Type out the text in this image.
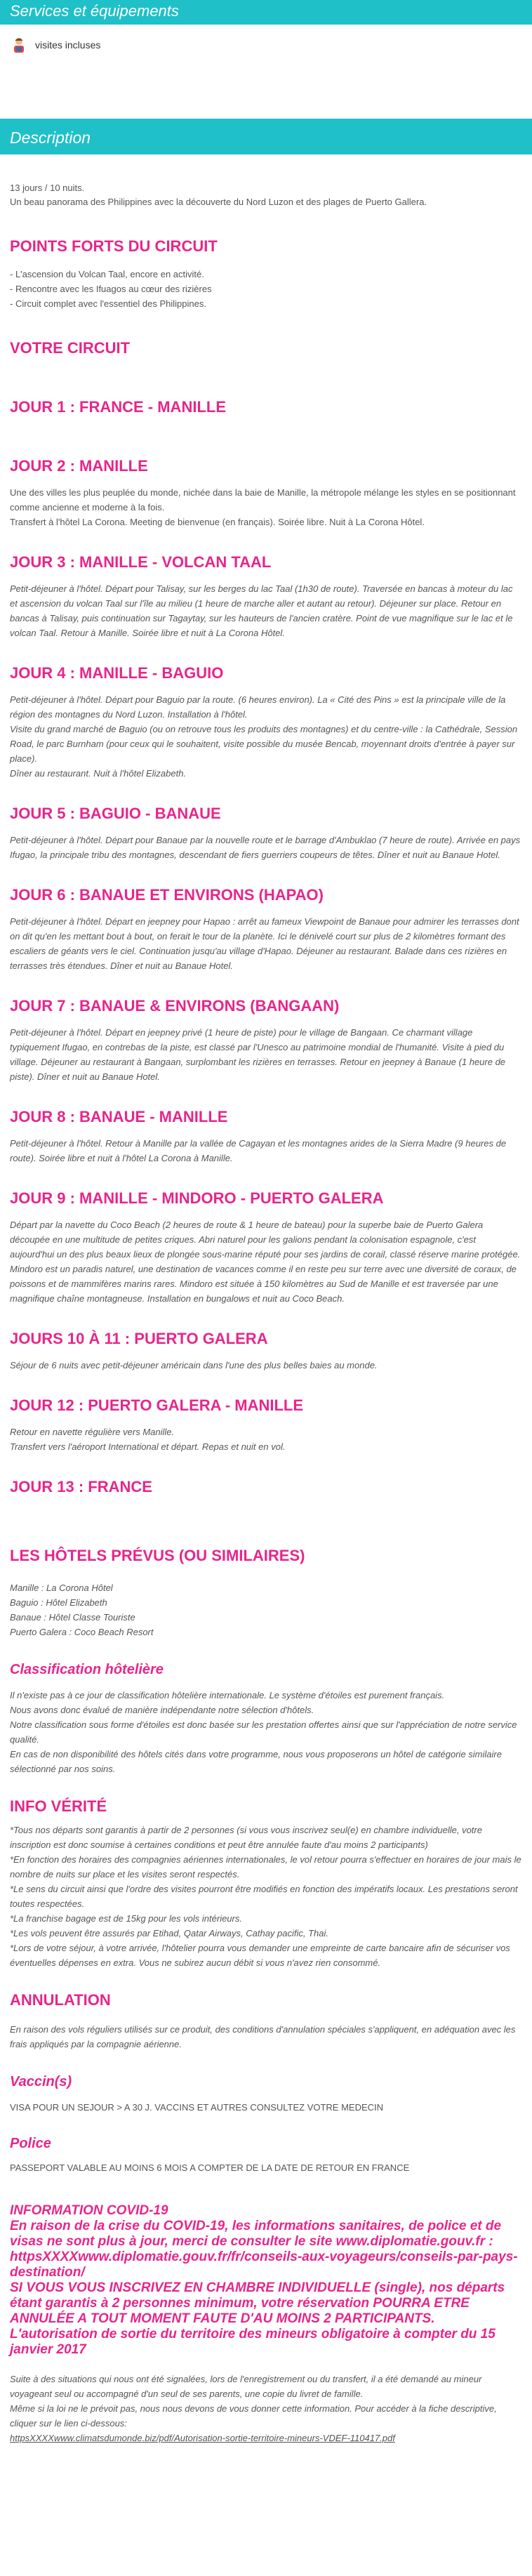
Services et équipements
visites incluses
Description
13 jours / 10 nuits.
Un beau panorama des Philippines avec la découverte du Nord Luzon et des plages de Puerto Gallera.
POINTS FORTS DU CIRCUIT

- L'ascension du Volcan Taal, encore en activité.

- Rencontre avec les Ifuagos au cœur des rizières

- Circuit complet avec l'essentiel des Philippines.

VOTRE CIRCUIT
JOUR 1 : FRANCE - MANILLE
JOUR 2 : MANILLE

Une des villes les plus peuplée du monde, nichée dans la baie de Manille, la métropole mélange les styles en se positionnant comme ancienne et moderne à la fois.
Transfert à l'hôtel La Corona. Meeting de bienvenue (en français). Soirée libre. Nuit à La Corona Hôtel.

JOUR 3 : MANILLE - VOLCAN TAAL

Petit-déjeuner à l'hôtel. Départ pour Talisay, sur les berges du lac Taal (1h30 de route). Traversée en bancas à moteur du lac et ascension du volcan Taal sur l'île au milieu (1 heure de marche aller et autant au retour). Déjeuner sur place. Retour en bancas à Talisay, puis continuation sur Tagaytay, sur les hauteurs de l'ancien cratère. Point de vue magnifique sur le lac et le volcan Taal. Retour à Manille. Soirée libre et nuit à La Corona Hôtel.

JOUR 4 : MANILLE - BAGUIO

Petit-déjeuner à l'hôtel. Départ pour Baguio par la route. (6 heures environ). La « Cité des Pins » est la principale ville de la région des montagnes du Nord Luzon. Installation à l'hôtel.
Visite du grand marché de Baguio (ou on retrouve tous les produits des montagnes) et du centre-ville : la Cathédrale, Session Road, le parc Burnham (pour ceux qui le souhaitent, visite possible du musée Bencab, moyennant droits d'entrée à payer sur place).
Dîner au restaurant. Nuit à l'hôtel Elizabeth.

JOUR 5 : BAGUIO - BANAUE

Petit-déjeuner à l'hôtel. Départ pour Banaue par la nouvelle route et le barrage d'Ambuklao (7 heure de route). Arrivée en pays Ifugao, la principale tribu des montagnes, descendant de fiers guerriers coupeurs de têtes. Dîner et nuit au Banaue Hotel.

JOUR 6 : BANAUE ET ENVIRONS (HAPAO)

Petit-déjeuner à l'hôtel. Départ en jeepney pour Hapao : arrêt au fameux Viewpoint de Banaue pour admirer les terrasses dont on dit qu'en les mettant bout à bout, on ferait le tour de la planète. Ici le dénivelé court sur plus de 2 kilomètres formant des escaliers de géants vers le ciel. Continuation jusqu'au village d'Hapao. Déjeuner au restaurant. Balade dans ces rizières en terrasses très étendues. Dîner et nuit au Banaue Hotel.

JOUR 7 : BANAUE & ENVIRONS (BANGAAN)

Petit-déjeuner à l'hôtel. Départ en jeepney privé (1 heure de piste) pour le village de Bangaan. Ce charmant village typiquement Ifugao, en contrebas de la piste, est classé par l'Unesco au patrimoine mondial de l'humanité. Visite à pied du village. Déjeuner au restaurant à Bangaan, surplombant les rizières en terrasses. Retour en jeepney à Banaue (1 heure de piste). Dîner et nuit au Banaue Hotel.

JOUR 8 : BANAUE - MANILLE

Petit-déjeuner à l'hôtel. Retour à Manille par la vallée de Cagayan et les montagnes arides de la Sierra Madre (9 heures de route). Soirée libre et nuit à l'hôtel La Corona à Manille.

JOUR 9 : MANILLE - MINDORO - PUERTO GALERA

Départ par la navette du Coco Beach (2 heures de route & 1 heure de bateau) pour la superbe baie de Puerto Galera découpée en une multitude de petites criques. Abri naturel pour les galions pendant la colonisation espagnole, c'est aujourd'hui un des plus beaux lieux de plongée sous-marine réputé pour ses jardins de corail, classé réserve marine protégée. Mindoro est un paradis naturel, une destination de vacances comme il en reste peu sur terre avec une diversité de coraux, de poissons et de mammifères marins rares. Mindoro est située à 150 kilomètres au Sud de Manille et est traversée par une magnifique chaîne montagneuse. Installation en bungalows et nuit au Coco Beach.

JOURS 10 À 11 : PUERTO GALERA

Séjour de 6 nuits avec petit-déjeuner américain dans l'une des plus belles baies au monde.

JOUR 12 : PUERTO GALERA - MANILLE

Retour en navette régulière vers Manille.
Transfert vers l'aéroport International et départ. Repas et nuit en vol.

JOUR 13 : FRANCE
LES HÔTELS PRÉVUS (OU SIMILAIRES)

Manille : La Corona Hôtel

Baguio : Hôtel Elizabeth

Banaue : Hôtel Classe Touriste

Puerto Galera : Coco Beach Resort

Classification hôtelière

Il n'existe pas à ce jour de classification hôtelière internationale. Le système d'étoiles est purement français.
Nous avons donc évalué de manière indépendante notre sélection d'hôtels.
Notre classification sous forme d'étoiles est donc basée sur les prestation offertes ainsi que sur l'appréciation de notre service qualité.
En cas de non disponibilité des hôtels cités dans votre programme, nous vous proposerons un hôtel de catégorie similaire sélectionné par nos soins.

INFO VÉRITÉ

*Tous nos départs sont garantis à partir de 2 personnes (si vous vous inscrivez seul(e) en chambre individuelle, votre inscription est donc soumise à certaines conditions et peut être annulée faute d'au moins 2 participants)
*En fonction des horaires des compagnies aériennes internationales, le vol retour pourra s'effectuer en horaires de jour mais le nombre de nuits sur place et les visites seront respectés.
*Le sens du circuit ainsi que l'ordre des visites pourront être modifiés en fonction des impératifs locaux. Les prestations seront toutes respectées.
*La franchise bagage est de 15kg pour les vols intérieurs.
*Les vols peuvent être assurés par Etihad, Qatar Airways, Cathay pacific, Thai.
*Lors de votre séjour, à votre arrivée, l'hôtelier pourra vous demander une empreinte de carte bancaire afin de sécuriser vos éventuelles dépenses en extra. Vous ne subirez aucun débit si vous n'avez rien consommé.

ANNULATION

En raison des vols réguliers utilisés sur ce produit, des conditions d'annulation spéciales s'appliquent, en adéquation avec les frais appliqués par la compagnie aérienne.

Vaccin(s)

VISA POUR UN SEJOUR > A 30 J. VACCINS ET AUTRES CONSULTEZ VOTRE MEDECIN

Police

PASSEPORT VALABLE AU MOINS 6 MOIS A COMPTER DE LA DATE DE RETOUR EN FRANCE

INFORMATION COVID-19
En raison de la crise du COVID-19, les informations sanitaires, de police et de visas ne sont plus à jour, merci de consulter le site www.diplomatie.gouv.fr : httpsXXXXwww.diplomatie.gouv.fr/fr/conseils-aux-voyageurs/conseils-par-pays-destination/
SI VOUS VOUS INSCRIVEZ EN CHAMBRE INDIVIDUELLE (single), nos départs étant garantis à 2 personnes minimum, votre réservation POURRA ETRE ANNULÉE A TOUT MOMENT FAUTE D'AU MOINS 2 PARTICIPANTS.
L'autorisation de sortie du territoire des mineurs obligatoire à compter du 15 janvier 2017

Suite à des situations qui nous ont été signalées, lors de l'enregistrement ou du transfert, il a été demandé au mineur voyageant seul ou accompagné d'un seul de ses parents, une copie du livret de famille.
Même si la loi ne le prévoit pas, nous nous devons de vous donner cette information. Pour accéder à la fiche descriptive, cliquer sur le lien ci-dessous:

httpsXXXXwww.climatsdumonde.biz/pdf/Autorisation-sortie-territoire-mineurs-VDEF-110417.pdf
